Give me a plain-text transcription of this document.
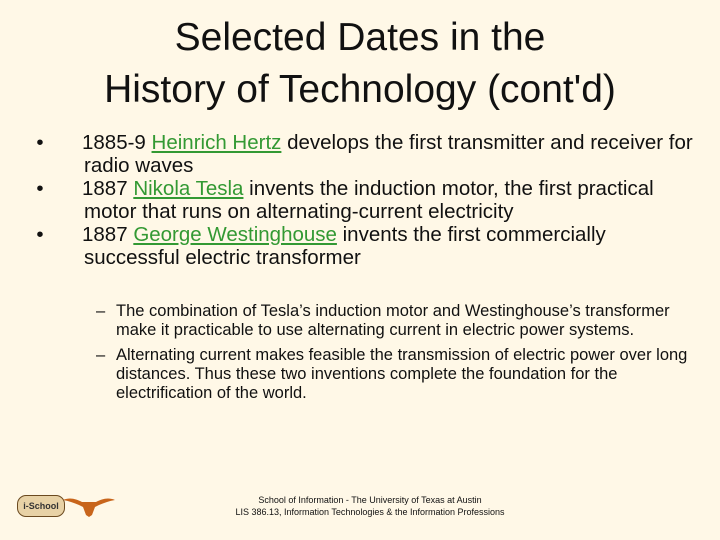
Selected Dates in the
History of Technology (cont'd)
•	1885-9 Heinrich Hertz develops the first transmitter and receiver for radio waves
•	1887 Nikola Tesla invents the induction motor, the first practical motor that runs on alternating-current electricity
•	1887 George Westinghouse invents the first commercially successful electric transformer
– The combination of Tesla’s induction motor and Westinghouse’s transformer make it practicable to use alternating current in electric power systems.
– Alternating current makes feasible the transmission of electric power over long distances. Thus these two inventions complete the foundation for the electrification of the world.
i-School
School of Information - The University of Texas at Austin
LIS 386.13, Information Technologies & the Information Professions
